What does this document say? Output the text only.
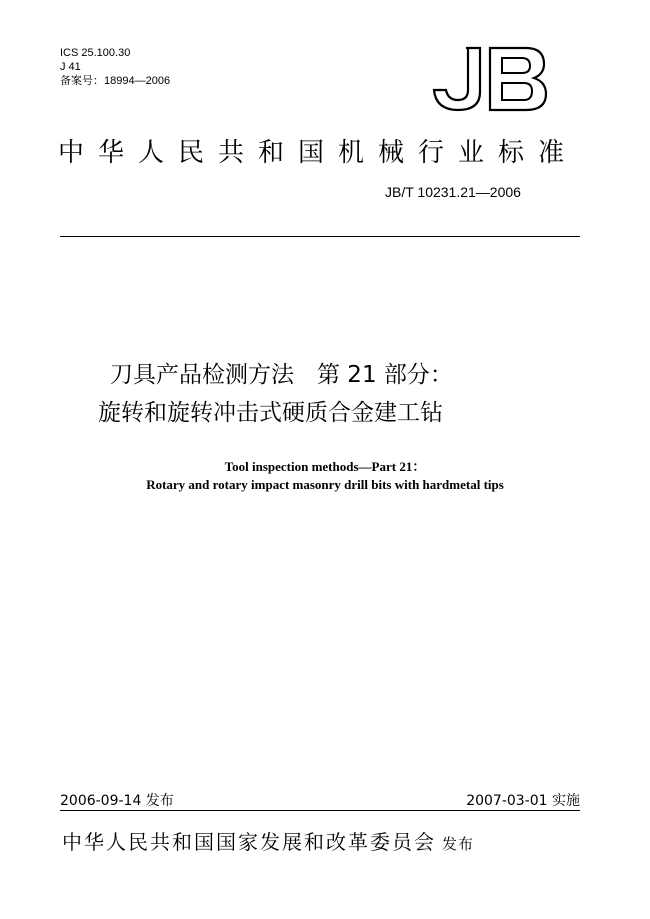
ICS 25.100.30
J 41
备案号：18994—2006
中华人民共和国机械行业标准
JB/T 10231.21—2006
刀具产品检测方法　第 21 部分：
旋转和旋转冲击式硬质合金建工钻
Tool inspection methods—Part 21：
Rotary and rotary impact masonry drill bits with hardmetal tips
2006-09-14 发布	2007-03-01 实施
中华人民共和国国家发展和改革委员会 发布
